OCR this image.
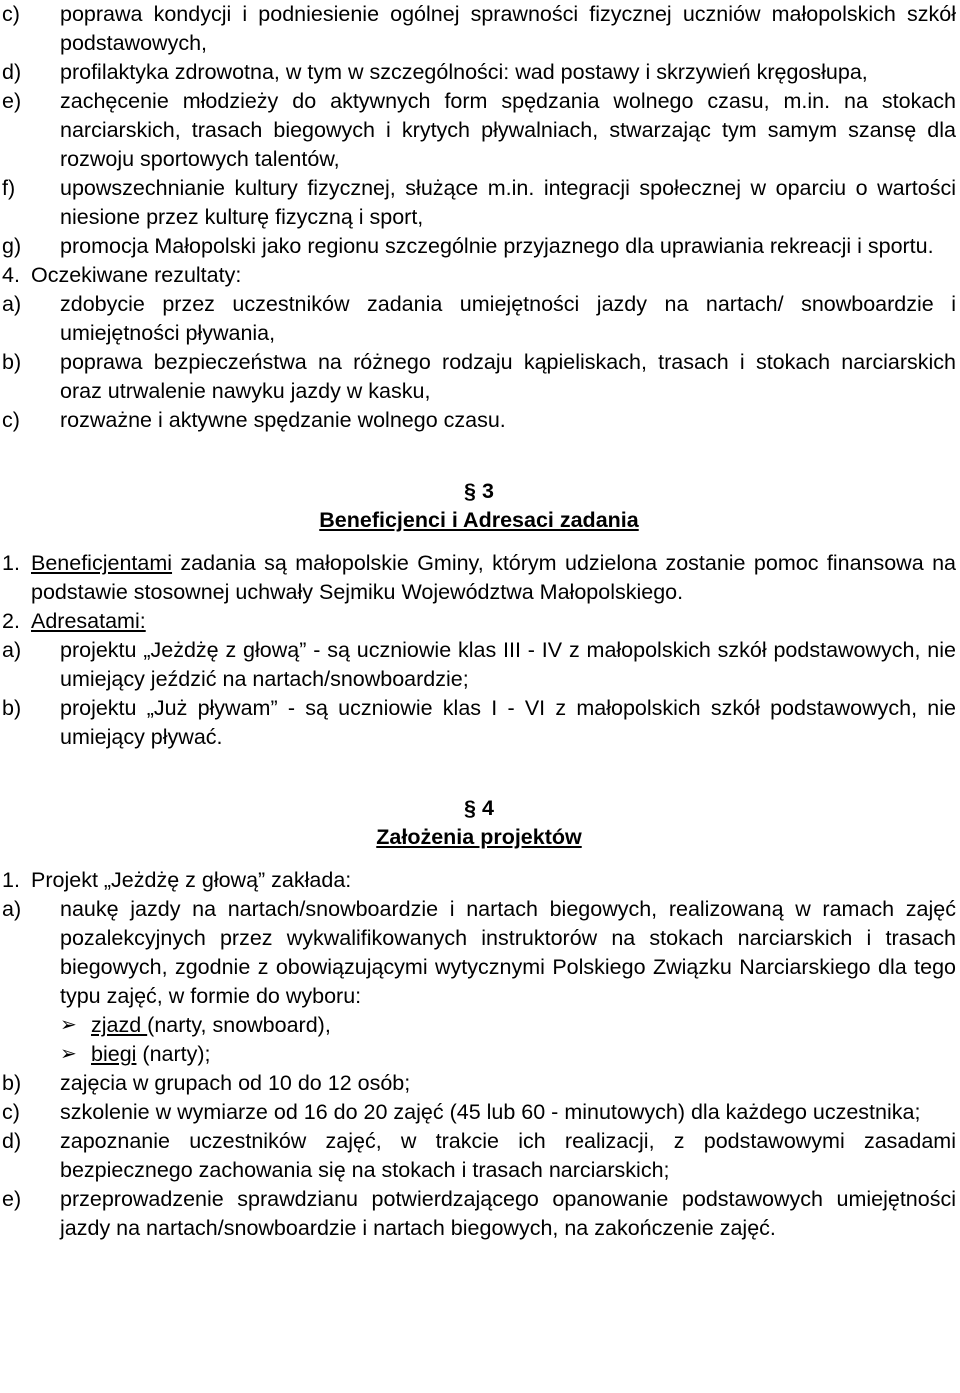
c)	poprawa kondycji i podniesienie ogólnej sprawności fizycznej uczniów małopolskich szkół podstawowych,
d)	profilaktyka zdrowotna, w tym w szczególności: wad postawy i skrzywień kręgosłupa,
e)	zachęcenie młodzieży do aktywnych form spędzania wolnego czasu, m.in. na stokach narciarskich, trasach biegowych i krytych pływalniach, stwarzając tym samym szansę dla rozwoju sportowych talentów,
f)	upowszechnianie kultury fizycznej, służące m.in. integracji społecznej w oparciu o wartości niesione przez kulturę fizyczną i sport,
g)	promocja Małopolski jako regionu szczególnie przyjaznego dla uprawiania rekreacji i sportu.
4. Oczekiwane rezultaty:
a)	zdobycie przez uczestników zadania umiejętności jazdy na nartach/ snowboardzie i umiejętności pływania,
b)	poprawa bezpieczeństwa na różnego rodzaju kąpieliskach, trasach i stokach narciarskich oraz utrwalenie nawyku jazdy w kasku,
c)	rozważne i aktywne spędzanie wolnego czasu.
§ 3
Beneficjenci i Adresaci zadania
1. Beneficjentami zadania są małopolskie Gminy, którym udzielona zostanie pomoc finansowa na podstawie stosownej uchwały Sejmiku Województwa Małopolskiego.
2. Adresatami:
a)	projektu „Jeżdżę z głową” - są uczniowie klas III - IV z małopolskich szkół podstawowych, nie umiejący jeździć na nartach/snowboardzie;
b)	projektu „Już pływam” - są uczniowie klas I - VI z małopolskich szkół podstawowych, nie umiejący pływać.
§ 4
Założenia projektów
1. Projekt „Jeżdżę z głową” zakłada:
a)	naukę jazdy na nartach/snowboardzie i nartach biegowych, realizowaną w ramach zajęć pozalekcyjnych przez wykwalifikowanych instruktorów na stokach narciarskich i trasach biegowych, zgodnie z obowiązującymi wytycznymi Polskiego Związku Narciarskiego dla tego typu zajęć, w formie do wyboru:
➢ zjazd (narty, snowboard),
➢ biegi (narty);
b)	zajęcia w grupach od 10 do 12 osób;
c)	szkolenie w wymiarze od 16 do 20 zajęć (45 lub 60 - minutowych) dla każdego uczestnika;
d)	zapoznanie uczestników zajęć, w trakcie ich realizacji, z podstawowymi zasadami bezpiecznego zachowania się na stokach i trasach narciarskich;
e)	przeprowadzenie sprawdzianu potwierdzającego opanowanie podstawowych umiejętności jazdy na nartach/snowboardzie i nartach biegowych, na zakończenie zajęć.
